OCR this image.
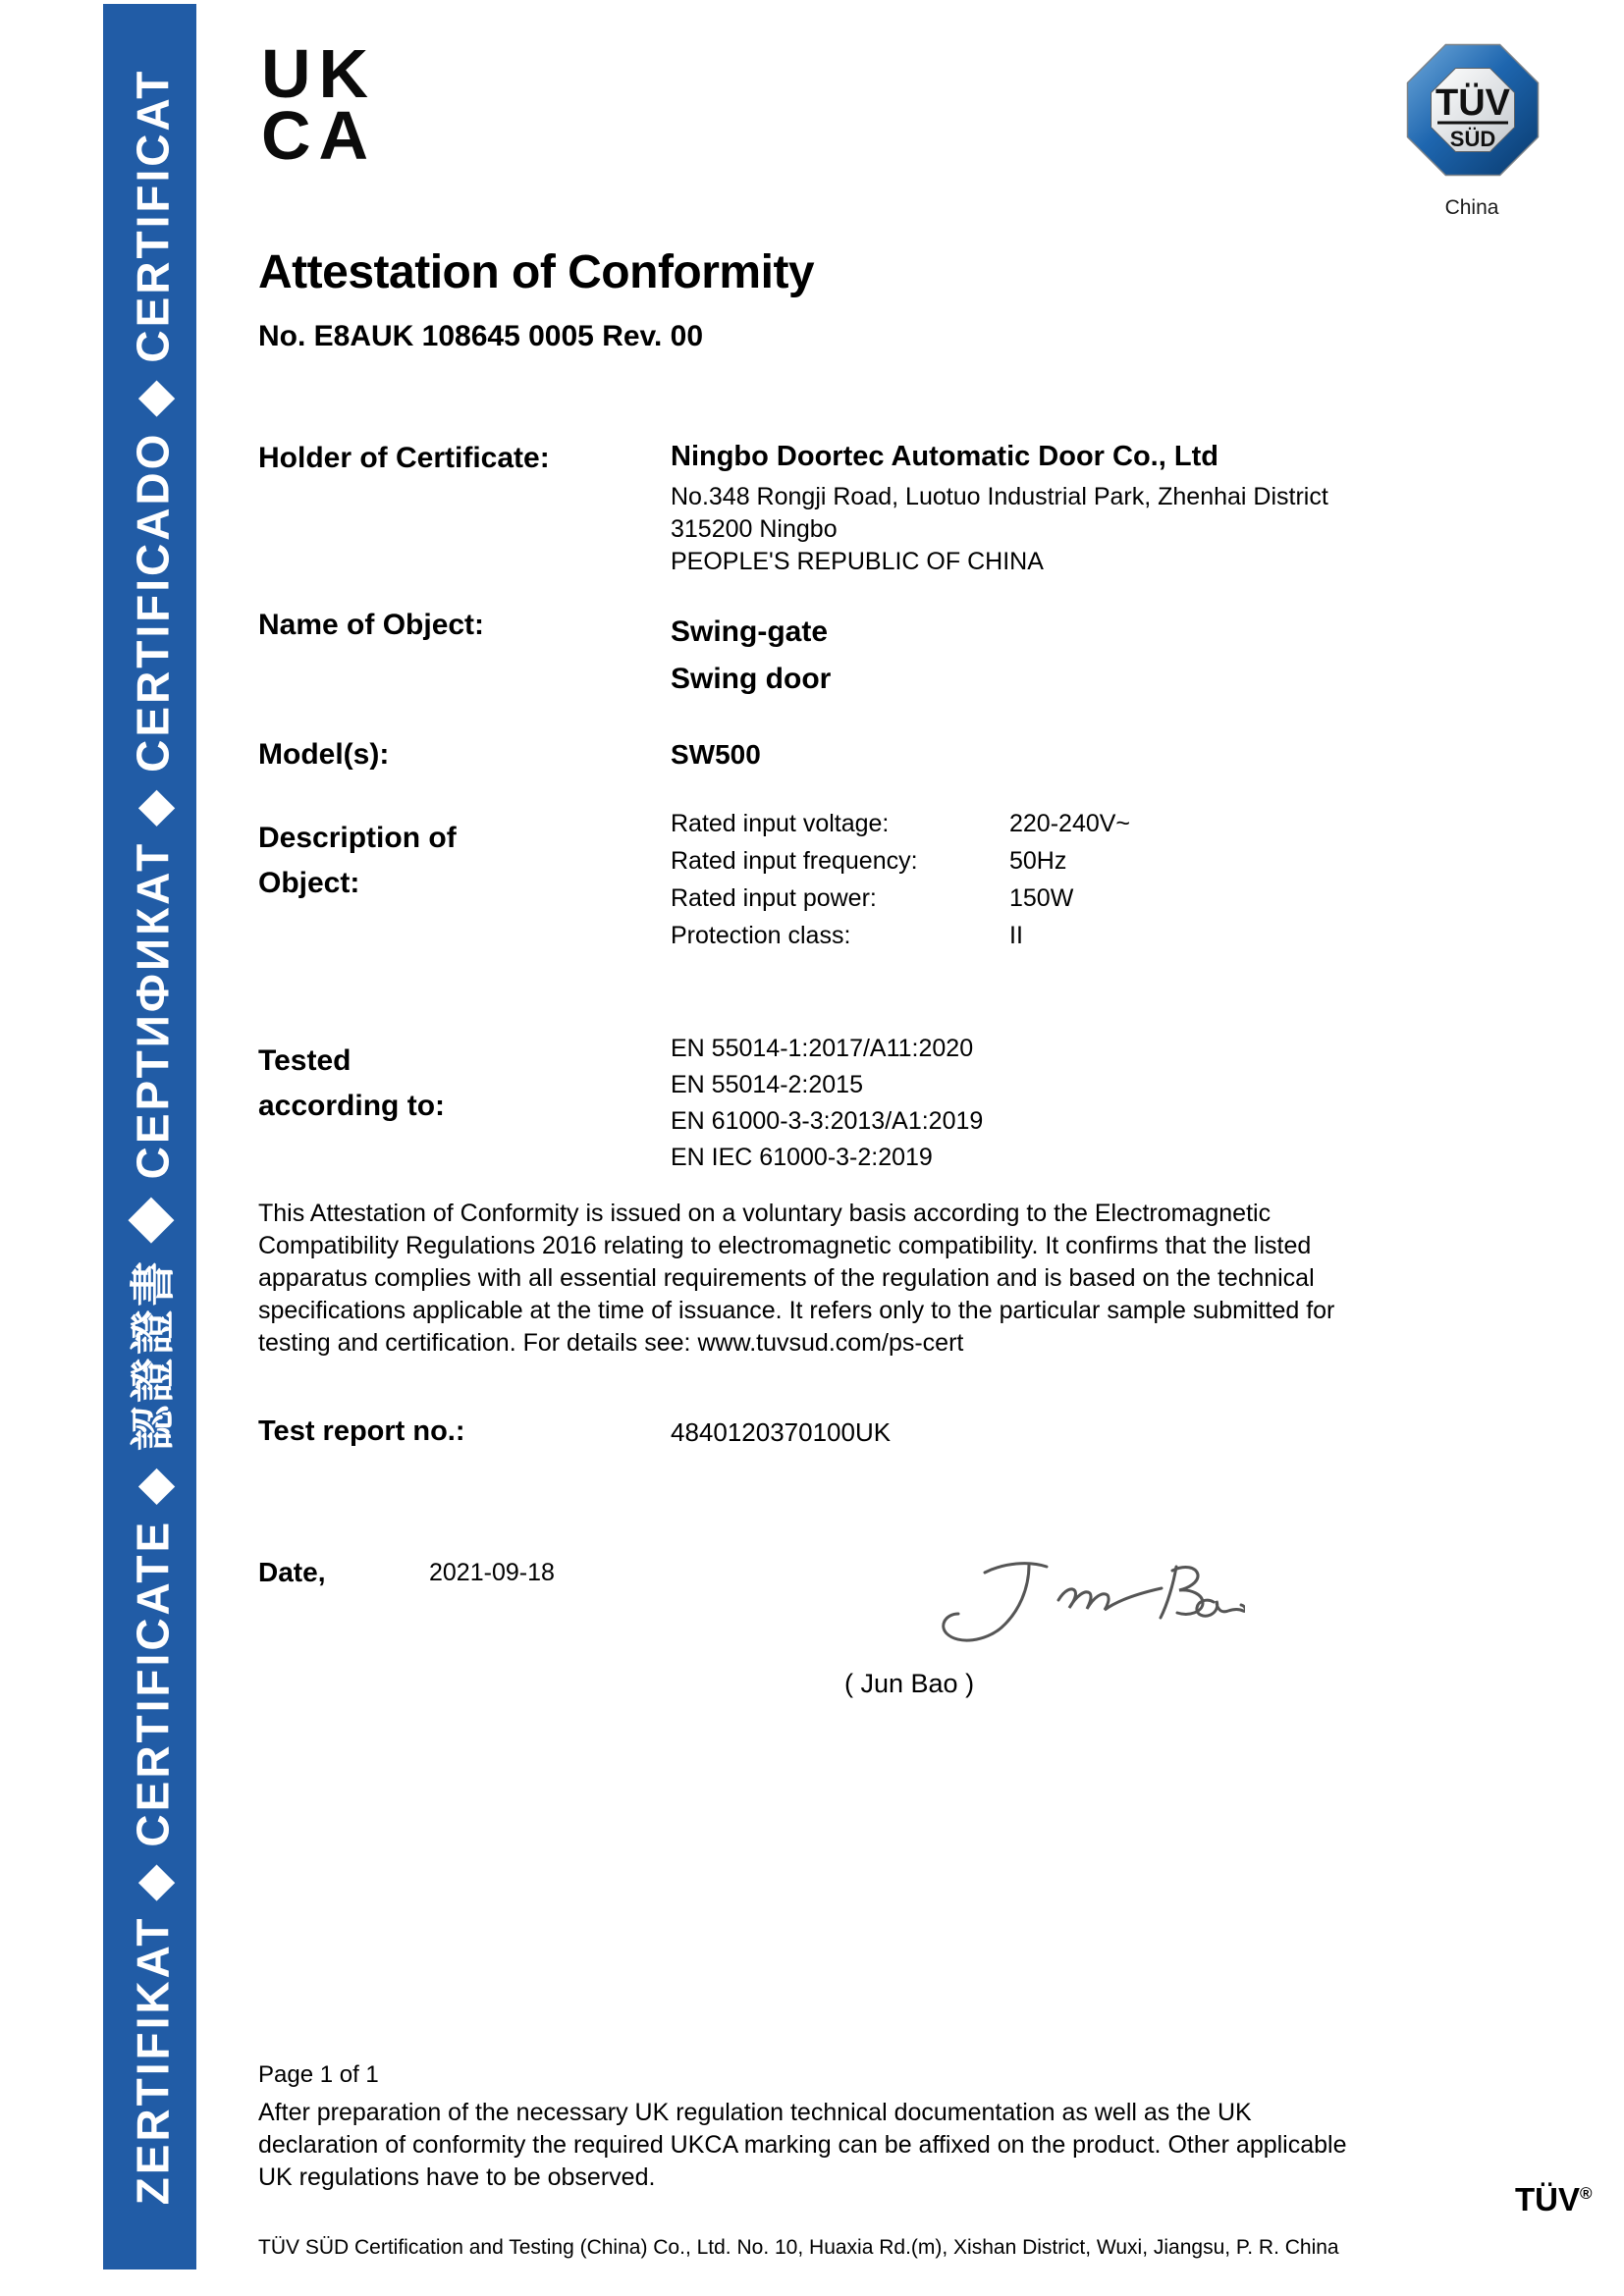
ZERTIFIKAT ◆ CERTIFICATE ◆ 認證證書 ◆ СЕРТИФИКАТ ◆ CERTIFICADO ◆ CERTIFICAT UK
CA	TÜV
SÜD
China
Attestation of Conformity
No. E8AUK 108645 0005 Rev. 00
Holder of Certificate:	Ningbo Doortec Automatic Door Co., Ltd
No.348 Rongji Road, Luotuo Industrial Park, Zhenhai District
315200 Ningbo
PEOPLE'S REPUBLIC OF CHINA
Name of Object:	Swing-gate
Swing door
Model(s):	SW500
Description of
Object:
Rated input voltage:	220-240V~
Rated input frequency:	50Hz
Rated input power:	150W
Protection class:	II
Tested
according to:
EN 55014-1:2017/A11:2020
EN 55014-2:2015
EN 61000-3-3:2013/A1:2019
EN IEC 61000-3-2:2019
This Attestation of Conformity is issued on a voluntary basis according to the Electromagnetic
Compatibility Regulations 2016 relating to electromagnetic compatibility. It confirms that the listed
apparatus complies with all essential requirements of the regulation and is based on the technical
specifications applicable at the time of issuance. It refers only to the particular sample submitted for
testing and certification. For details see: www.tuvsud.com/ps-cert
Test report no.:	4840120370100UK
Date,	2021-09-18
( Jun Bao )
Page 1 of 1
After preparation of the necessary UK regulation technical documentation as well as the UK
declaration of conformity the required UKCA marking can be affixed on the product. Other applicable
UK regulations have to be observed.
TÜV®
TÜV SÜD Certification and Testing (China) Co., Ltd. No. 10, Huaxia Rd.(m), Xishan District, Wuxi, Jiangsu, P. R. China
